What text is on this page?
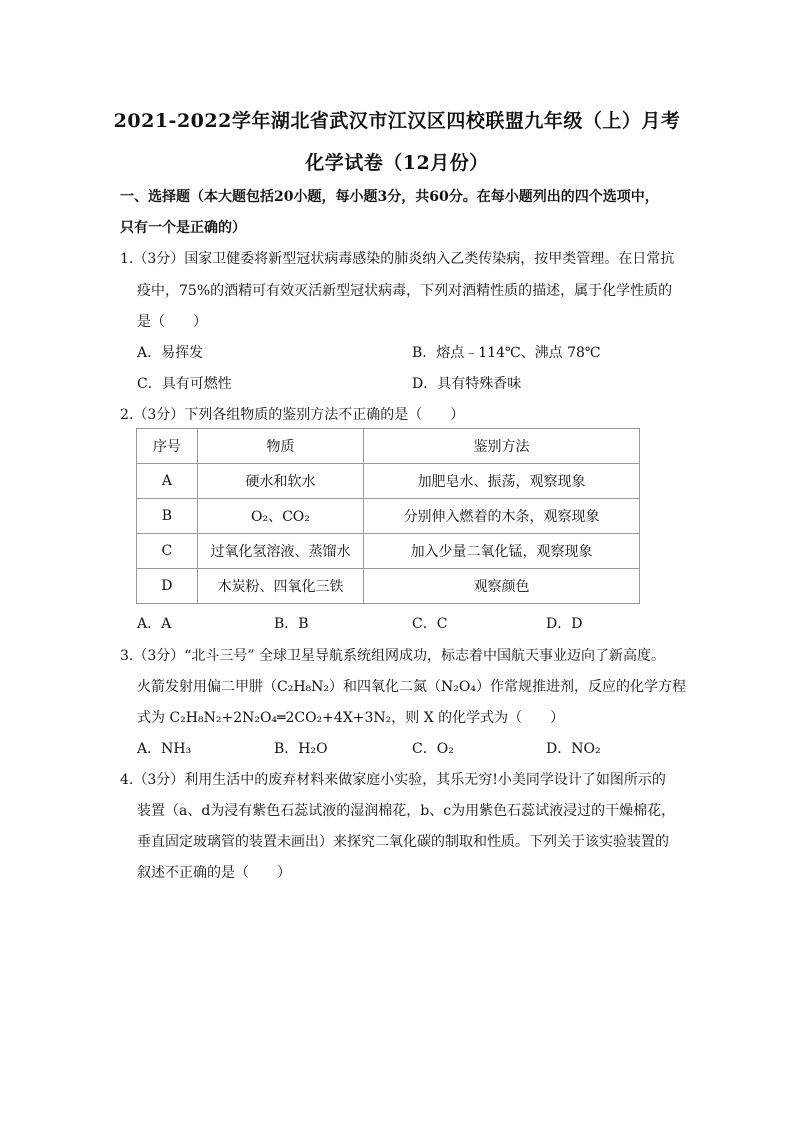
2021-2022学年湖北省武汉市江汉区四校联盟九年级（上）月考
化学试卷（12月份）
一、选择题（本大题包括20小题，每小题3分，共60分。在每小题列出的四个选项中，
只有一个是正确的）
1.（3分）国家卫健委将新型冠状病毒感染的肺炎纳入乙类传染病，按甲类管理。在日常抗
疫中，75%的酒精可有效灭活新型冠状病毒，下列对酒精性质的描述，属于化学性质的
是（　　）
A．易挥发	B．熔点﹣114℃、沸点 78℃
C．具有可燃性	D．具有特殊香味
2.（3分）下列各组物质的鉴别方法不正确的是（　　）
序号	物质	鉴别方法
A	硬水和软水	加肥皂水、振荡，观察现象
B	O₂、CO₂	分别伸入燃着的木条，观察现象
C	过氧化氢溶液、蒸馏水	加入少量二氧化锰，观察现象
D	木炭粉、四氧化三铁	观察颜色
A．A	B．B	C．C	D．D
3.（3分）“北斗三号” 全球卫星导航系统组网成功，标志着中国航天事业迈向了新高度。
火箭发射用偏二甲肼（C₂H₈N₂）和四氧化二氮（N₂O₄）作常规推进剂，反应的化学方程
式为 C₂H₈N₂+2N₂O₄═2CO₂+4X+3N₂，则 X 的化学式为（　　）
A．NH₃	B．H₂O	C．O₂	D．NO₂
4.（3分）利用生活中的废弃材料来做家庭小实验，其乐无穷!小美同学设计了如图所示的
装置（a、d为浸有紫色石蕊试液的湿润棉花，b、c为用紫色石蕊试液浸过的干燥棉花，
垂直固定玻璃管的装置未画出）来探究二氧化碳的制取和性质。下列关于该实验装置的
叙述不正确的是（　　）
